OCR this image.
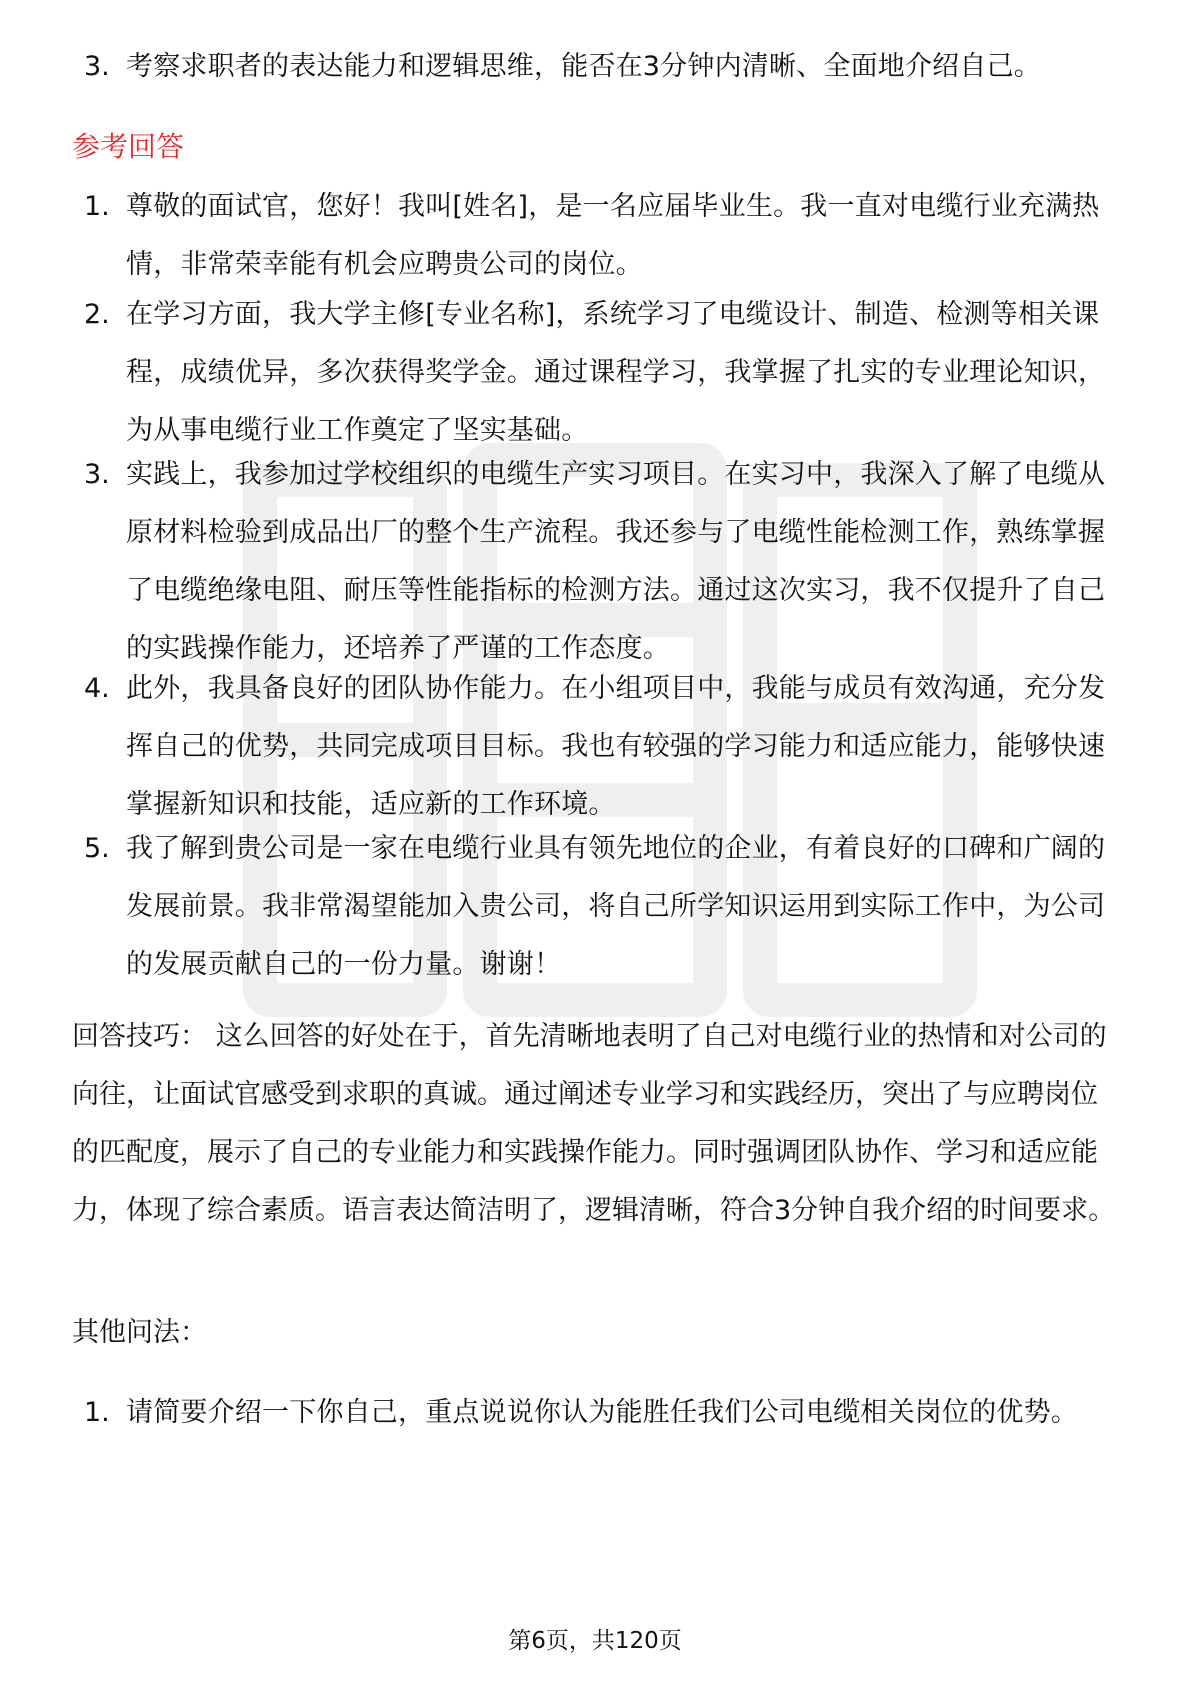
3. 考察求职者的表达能力和逻辑思维，能否在3分钟内清晰、全面地介绍自己。
参考回答
1. 尊敬的面试官，您好！我叫[姓名]，是一名应届毕业生。我一直对电缆行业充满热情，非常荣幸能有机会应聘贵公司的岗位。
2. 在学习方面，我大学主修[专业名称]，系统学习了电缆设计、制造、检测等相关课程，成绩优异，多次获得奖学金。通过课程学习，我掌握了扎实的专业理论知识，为从事电缆行业工作奠定了坚实基础。
3. 实践上，我参加过学校组织的电缆生产实习项目。在实习中，我深入了解了电缆从原材料检验到成品出厂的整个生产流程。我还参与了电缆性能检测工作，熟练掌握了电缆绝缘电阻、耐压等性能指标的检测方法。通过这次实习，我不仅提升了自己的实践操作能力，还培养了严谨的工作态度。
4. 此外，我具备良好的团队协作能力。在小组项目中，我能与成员有效沟通，充分发挥自己的优势，共同完成项目目标。我也有较强的学习能力和适应能力，能够快速掌握新知识和技能，适应新的工作环境。
5. 我了解到贵公司是一家在电缆行业具有领先地位的企业，有着良好的口碑和广阔的发展前景。我非常渴望能加入贵公司，将自己所学知识运用到实际工作中，为公司的发展贡献自己的一份力量。谢谢！
回答技巧： 这么回答的好处在于，首先清晰地表明了自己对电缆行业的热情和对公司的向往，让面试官感受到求职的真诚。通过阐述专业学习和实践经历，突出了与应聘岗位的匹配度，展示了自己的专业能力和实践操作能力。同时强调团队协作、学习和适应能力，体现了综合素质。语言表达简洁明了，逻辑清晰，符合3分钟自我介绍的时间要求。
其他问法：
1. 请简要介绍一下你自己，重点说说你认为能胜任我们公司电缆相关岗位的优势。
第6页，共120页
